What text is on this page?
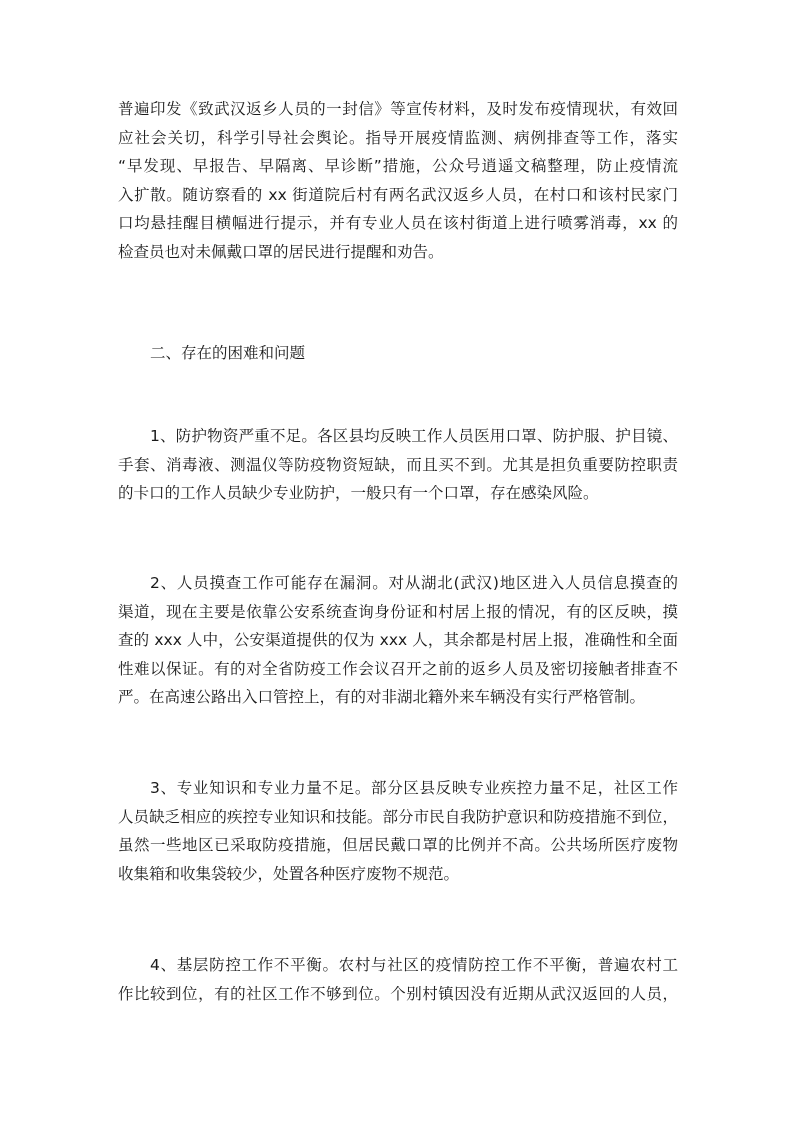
普遍印发《致武汉返乡人员的一封信》等宣传材料，及时发布疫情现状，有效回
应社会关切，科学引导社会舆论。指导开展疫情监测、病例排查等工作，落实
“早发现、早报告、早隔离、早诊断”措施，公众号逍遥文稿整理，防止疫情流
入扩散。随访察看的 xx 街道院后村有两名武汉返乡人员，在村口和该村民家门
口均悬挂醒目横幅进行提示，并有专业人员在该村街道上进行喷雾消毒，xx 的
检查员也对未佩戴口罩的居民进行提醒和劝告。

二、存在的困难和问题

1、防护物资严重不足。各区县均反映工作人员医用口罩、防护服、护目镜、
手套、消毒液、测温仪等防疫物资短缺，而且买不到。尤其是担负重要防控职责
的卡口的工作人员缺少专业防护，一般只有一个口罩，存在感染风险。

2、人员摸查工作可能存在漏洞。对从湖北(武汉)地区进入人员信息摸查的
渠道，现在主要是依靠公安系统查询身份证和村居上报的情况，有的区反映，摸
查的 xxx 人中，公安渠道提供的仅为 xxx 人，其余都是村居上报，准确性和全面
性难以保证。有的对全省防疫工作会议召开之前的返乡人员及密切接触者排查不
严。在高速公路出入口管控上，有的对非湖北籍外来车辆没有实行严格管制。

3、专业知识和专业力量不足。部分区县反映专业疾控力量不足，社区工作
人员缺乏相应的疾控专业知识和技能。部分市民自我防护意识和防疫措施不到位，
虽然一些地区已采取防疫措施，但居民戴口罩的比例并不高。公共场所医疗废物
收集箱和收集袋较少，处置各种医疗废物不规范。

4、基层防控工作不平衡。农村与社区的疫情防控工作不平衡，普遍农村工
作比较到位，有的社区工作不够到位。个别村镇因没有近期从武汉返回的人员，
